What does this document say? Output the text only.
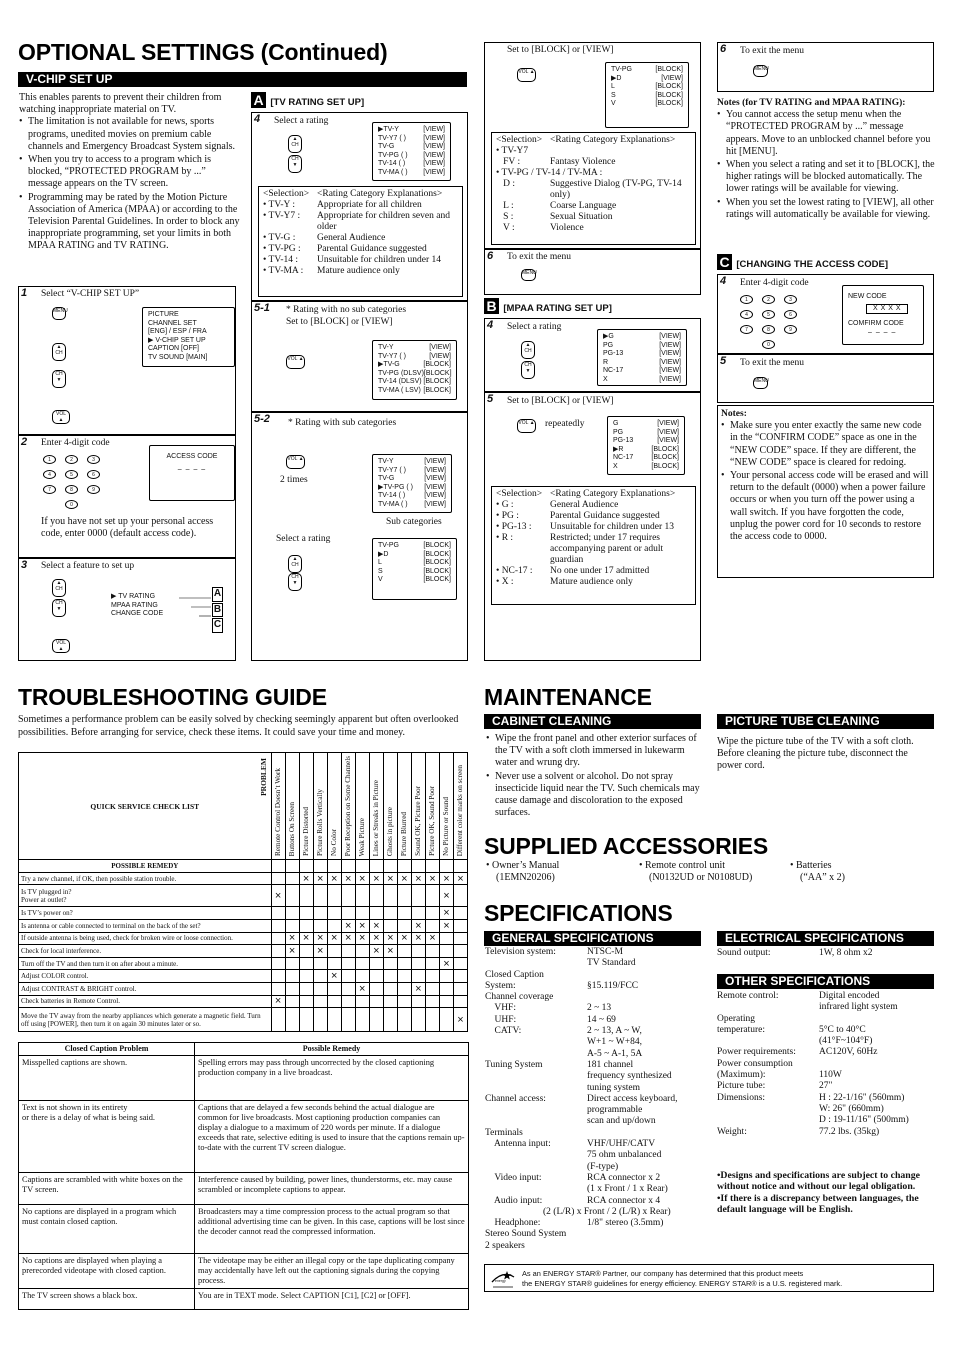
OPTIONAL SETTINGS (Continued)
TROUBLESHOOTING GUIDE	MAINTENANCE
SUPPLIED ACCESSORIES
SPECIFICATIONS
V-CHIP SET UP
This enables parents to prevent their children from watching inappropriate material on TV.
• The limitation is not available for news, sports programs, unedited movies on premium cable channels and Emergency Broadcast System signals.
• When you try to access to a program which is blocked, “PROTECTED PROGRAM by ...” message appears on the TV screen.
• Programming may be rated by the Motion Picture Association of America (MPAA) or according to the Television Parental Guidelines. In order to block any inappropriate programming, set your limits in both MPAA RATING and TV RATING.
1 Select “V-CHIP SET UP”
MENU
▲
CH
CH
▼
VOL ▲
PICTURE
CHANNEL SET
[ENG] / ESP / FRA
▶ V-CHIP SET UP
CAPTION [OFF]
TV SOUND [MAIN]
2 Enter 4-digit code
1	2	3
4	5	6
7	8	9
0
ACCESS CODE
– – – –
If you have not set up your personal access code, enter 0000 (default access code).
3 Select a feature to set up
▲
CH
CH
▼
VOL ▲
▶ TV RATING
MPAA RATING
CHANGE CODE
A
B
C
A [TV RATING SET UP]
4 Select a rating
▲
CH
CH
▼
▶TV-Y	[VIEW]
TV-Y7 ( )	[VIEW]
TV-G	[VIEW]
TV-PG ( )	[VIEW]
TV-14 ( )	[VIEW]
TV-MA ( )	[VIEW]
<Selection> <Rating Category Explanations>
• TV-Y :	Appropriate for all children
• TV-Y7 :	Appropriate for children seven and older
• TV-G :	General Audience
• TV-PG :	Parental Guidance suggested
• TV-14 :	Unsuitable for children under 14
• TV-MA :	Mature audience only
5-1 * Rating with no sub categories
Set to [BLOCK] or [VIEW]
VOL ▲
TV-Y	[VIEW]
TV-Y7 ( )	[VIEW]
▶TV-G	[BLOCK]
TV-PG (DLSV) [BLOCK]
TV-14 (DLSV) [BLOCK]
TV-MA ( LSV) [BLOCK]
5-2 * Rating with sub categories
VOL ▲
2 times
TV-Y	[VIEW]
TV-Y7 ( )	[VIEW]
TV-G	[VIEW]
▶TV-PG ( )	[VIEW]
TV-14 ( )	[VIEW]
TV-MA ( )	[VIEW]
Sub categories
Select a rating
▲
CH
CH
▼
TV-PG	[BLOCK]
▶D	[BLOCK]
L	[BLOCK]
S	[BLOCK]
V	[BLOCK]
Set to [BLOCK] or [VIEW]
VOL ▲	TV-PG	[BLOCK]
▶D	[VIEW]
L	[BLOCK]
S	[BLOCK]
V	[BLOCK]
<Selection> <Rating Category Explanations>
• TV-Y7
FV :	Fantasy Violence
• TV-PG / TV-14 / TV-MA :
D :	Suggestive Dialog (TV-PG, TV-14 only)
L :	Coarse Language
S :	Sexual Situation
V :	Violence
6 To exit the menu
MENU
B [MPAA RATING SET UP]
4 Select a rating
▲
CH
CH
▼
▶G	[VIEW]
PG	[VIEW]
PG-13	[VIEW]
R	[VIEW]
NC-17	[VIEW]
X	[VIEW]
5 Set to [BLOCK] or [VIEW]
VOL ▲ repeatedly	G	[VIEW]
PG	[VIEW]
PG-13	[VIEW]
▶R	[BLOCK]
NC-17	[BLOCK]
X	[BLOCK]
<Selection> <Rating Category Explanations>
• G :	General Audience
• PG :	Parental Guidance suggested
• PG-13 :	Unsuitable for children under 13
• R :	Restricted; under 17 requires accompanying parent or adult guardian
• NC-17 :	No one under 17 admitted
• X :	Mature audience only
6 To exit the menu
MENU
Notes (for TV RATING and MPAA RATING):
• You cannot access the setup menu when the “PROTECTED PROGRAM by ...” message appears. Move to an unblocked channel before you hit [MENU].
• When you select a rating and set it to [BLOCK], the higher ratings will be blocked automatically. The lower ratings will be available for viewing.
• When you set the lowest rating to [VIEW], all other ratings will automatically be available for viewing.
C [CHANGING THE ACCESS CODE]
4 Enter 4-digit code
1	2	3
4	5	6
7	8	9
0
NEW CODE
X X X X
COMFIRM CODE
– – – –
5 To exit the menu
MENU
Notes:
• Make sure you enter exactly the same new code in the “CONFIRM CODE” space as one in the “NEW CODE” space. If they are different, the “NEW CODE” space is cleared for redoing.
• Your personal access code will be erased and will return to the default (0000) when a power failure occurs or when you turn off the power using a wall switch. If you have forgotten the code, unplug the power cord for 10 seconds to restore the access code to 0000.
Sometimes a performance problem can be easily solved by checking seemingly apparent but often overlooked possibilities. Before arranging for service, check these items. It could save your time and money.
QUICK SERVICE CHECK LIST
PROBLEM	Remote Control Doesn’t Work	Buttons On Screen	Picture Distorted	Picture Rolls Vertically	No Color	Poor Reception on Some Channels	Weak Picture	Lines or Streaks in Picture	Ghosts in picture	Picture Blurred	Sound OK, Picture Poor	Picture OK, Sound Poor	No Picture or Sound	Different color marks on screen

POSSIBLE REMEDY														
Try a new channel, if OK, then possible station trouble.			×	×	×	×	×	×	×	×	×	×	×	×
Is TV plugged in?
Power at outlet?	×												×	
Is TV’s power on?													×	
Is antenna or cable connected to terminal on the back of the set?						×	×	×			×		×	
If outside antenna is being used, check for broken wire or loose connection.		×	×	×	×	×	×	×	×	×	×	×		
Check for local interference.		×		×				×	×					
Turn off the TV and then turn it on after about a minute.													×	
Adjust COLOR control.					×									
Adjust CONTRAST & BRIGHT control.							×				×			
Check batteries in Remote Control.	×													
Move the TV away from the nearby appliances which generate a magnetic field. Turn off using [POWER], then turn it on again 30 minutes later or so.														×
Closed Caption Problem	Possible Remedy
Misspelled captions are shown.	Spelling errors may pass through uncorrected by the closed captioning production company in a live broadcast.
Text is not shown in its entirety
or there is a delay of what is being said.	Captions that are delayed a few seconds behind the actual dialogue are common for live broadcasts. Most captioning production companies can display a dialogue to a maximum of 220 words per minute. If a dialogue exceeds that rate, selective editing is used to insure that the captions remain up-to-date with the current TV screen dialogue.
Captions are scrambled with white boxes on the TV screen.	Interference caused by building, power lines, thunderstorms, etc. may cause scrambled or incomplete captions to appear.
No captions are displayed in a program which must contain closed caption.	Broadcasters may a time compression process to the actual program so that additional advertising time can be given. In this case, captions will be lost since the decoder cannot read the compressed information.
No captions are displayed when playing a prerecorded videotape with closed caption.	The videotape may be either an illegal copy or the tape duplicating company may accidentally have left out the captioning signals during the copying process.
The TV screen shows a black box.	You are in TEXT mode. Select CAPTION [C1], [C2] or [OFF].
CABINET CLEANING
• Wipe the front panel and other exterior surfaces of the TV with a soft cloth immersed in lukewarm water and wrung dry.
• Never use a solvent or alcohol. Do not spray insecticide liquid near the TV. Such chemicals may cause damage and discoloration to the exposed surfaces.
PICTURE TUBE CLEANING
Wipe the picture tube of the TV with a soft cloth. Before cleaning the picture tube, disconnect the power cord.
• Owner’s Manual
(1EMN20206)
• Remote control unit
(N0132UD or N0108UD)
• Batteries
(“AA” x 2)
GENERAL SPECIFICATIONS
Television system:	NTSC-M
TV Standard
Closed Caption
System:	
§15.119/FCC
Channel coverage
VHF:	2 ~ 13
UHF:	14 ~ 69
CATV:	2 ~ 13, A ~ W,
W+1 ~ W+84,
A-5 ~ A-1, 5A
Tuning System	181 channel
frequency synthesized
tuning system
Channel access:	Direct access keyboard,
programmable
scan and up/down
Terminals
Antenna input:	VHF/UHF/CATV
75 ohm unbalanced
(F-type)
Video input:	RCA connector x 2
(1 x Front / 1 x Rear)
Audio input:	RCA connector x 4
(2 (L/R) x Front / 2 (L/R) x Rear)
Headphone:	1/8" stereo (3.5mm)
Stereo Sound System
2 speakers
ELECTRICAL SPECIFICATIONS
Sound output:	1W, 8 ohm x2
OTHER SPECIFICATIONS
Remote control:	Digital encoded
infrared light system
Operating
temperature:	
5°C to 40°C
(41°F~104°F)
Power requirements:	AC120V, 60Hz
Power consumption
(Maximum):	
110W
Picture tube:	27"
Dimensions:	H : 22-1/16" (560mm)
W: 26" (660mm)
D : 19-11/16" (500mm)
Weight:	77.2 lbs. (35kg)
•Designs and specifications are subject to change without notice and without our legal obligation.
•If there is a discrepancy between languages, the default language will be English.
energy
As an ENERGY STAR® Partner, our company has determined that this product meets
the ENERGY STAR® guidelines for energy efficiency. ENERGY STAR® is a U.S. registered mark.
